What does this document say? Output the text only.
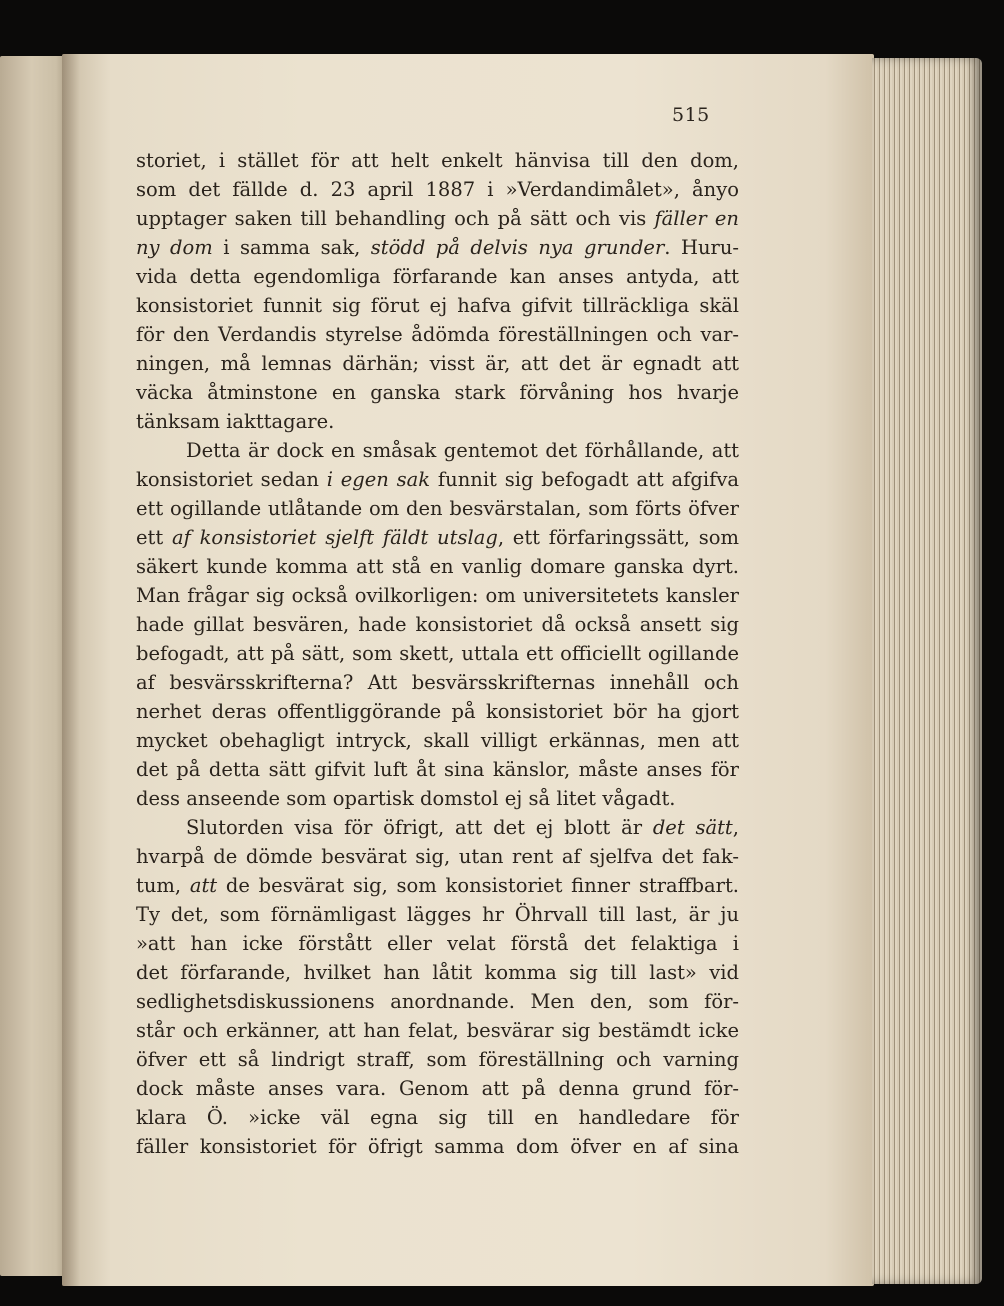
515
storiet, i stället för att helt enkelt hänvisa till den dom,
som det fällde d. 23 april 1887 i »Verdandimålet», ånyo
upptager saken till behandling och på sätt och vis fäller en
ny dom i samma sak, stödd på delvis nya grunder. Huru-
vida detta egendomliga förfarande kan anses antyda, att
konsistoriet funnit sig förut ej hafva gifvit tillräckliga skäl
för den Verdandis styrelse ådömda föreställningen och var-
ningen, må lemnas därhän; visst är, att det är egnadt att
väcka åtminstone en ganska stark förvåning hos hvarje
tänksam iakttagare.
Detta är dock en småsak gentemot det förhållande, att
konsistoriet sedan i egen sak funnit sig befogadt att afgifva
ett ogillande utlåtande om den besvärstalan, som förts öfver
ett af konsistoriet sjelft fäldt utslag, ett förfaringssätt, som
säkert kunde komma att stå en vanlig domare ganska dyrt.
Man frågar sig också ovilkorligen: om universitetets kansler
hade gillat besvären, hade konsistoriet då också ansett sig
befogadt, att på sätt, som skett, uttala ett officiellt ogillande
af besvärsskrifterna? Att besvärsskrifternas innehåll och
nerhet deras offentliggörande på konsistoriet bör ha gjort
mycket obehagligt intryck, skall villigt erkännas, men att
det på detta sätt gifvit luft åt sina känslor, måste anses för
dess anseende som opartisk domstol ej så litet vågadt.
Slutorden visa för öfrigt, att det ej blott är det sätt,
hvarpå de dömde besvärat sig, utan rent af sjelfva det fak-
tum, att de besvärat sig, som konsistoriet finner straffbart.
Ty det, som förnämligast lägges hr Öhrvall till last, är ju
»att han icke förstått eller velat förstå det felaktiga i
det förfarande, hvilket han låtit komma sig till last» vid
sedlighetsdiskussionens anordnande. Men den, som för-
står och erkänner, att han felat, besvärar sig bestämdt icke
öfver ett så lindrigt straff, som föreställning och varning
dock måste anses vara. Genom att på denna grund för-
klara Ö. »icke väl egna sig till en handledare för
fäller konsistoriet för öfrigt samma dom öfver en af sina
